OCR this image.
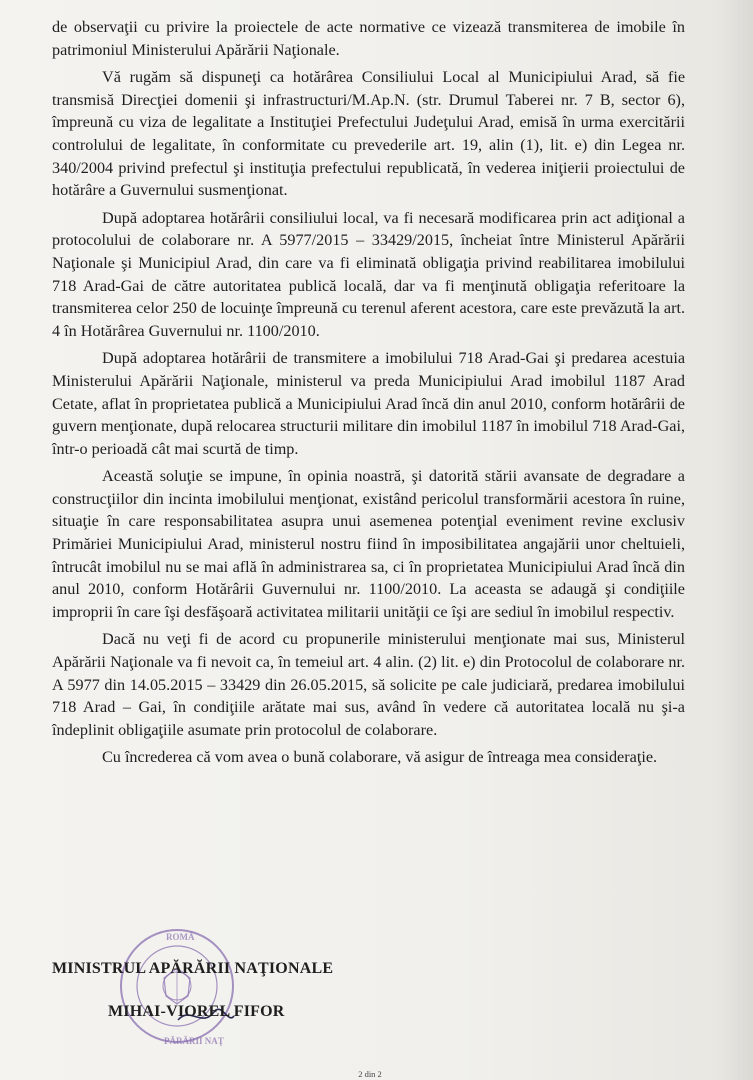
de observaţii cu privire la proiectele de acte normative ce vizează transmiterea de imobile în patrimoniul Ministerului Apărării Naţionale.

Vă rugăm să dispuneţi ca hotărârea Consiliului Local al Municipiului Arad, să fie transmisă Direcţiei domenii şi infrastructuri/M.Ap.N. (str. Drumul Taberei nr. 7 B, sector 6), împreună cu viza de legalitate a Instituţiei Prefectului Judeţului Arad, emisă în urma exercitării controlului de legalitate, în conformitate cu prevederile art. 19, alin (1), lit. e) din Legea nr. 340/2004 privind prefectul şi instituţia prefectului republicată, în vederea iniţierii proiectului de hotărâre a Guvernului susmenţionat.

După adoptarea hotărârii consiliului local, va fi necesară modificarea prin act adiţional a protocolului de colaborare nr. A 5977/2015 – 33429/2015, încheiat între Ministerul Apărării Naţionale şi Municipiul Arad, din care va fi eliminată obligaţia privind reabilitarea imobilului 718 Arad-Gai de către autoritatea publică locală, dar va fi menţinută obligaţia referitoare la transmiterea celor 250 de locuinţe împreună cu terenul aferent acestora, care este prevăzută la art. 4 în Hotărârea Guvernului nr. 1100/2010.

După adoptarea hotărârii de transmitere a imobilului 718 Arad-Gai şi predarea acestuia Ministerului Apărării Naţionale, ministerul va preda Municipiului Arad imobilul 1187 Arad Cetate, aflat în proprietatea publică a Municipiului Arad încă din anul 2010, conform hotărârii de guvern menţionate, după relocarea structurii militare din imobilul 1187 în imobilul 718 Arad-Gai, într-o perioadă cât mai scurtă de timp.

Această soluţie se impune, în opinia noastră, şi datorită stării avansate de degradare a construcţiilor din incinta imobilului menţionat, existând pericolul transformării acestora în ruine, situaţie în care responsabilitatea asupra unui asemenea potenţial eveniment revine exclusiv Primăriei Municipiului Arad, ministerul nostru fiind în imposibilitatea angajării unor cheltuieli, întrucât imobilul nu se mai află în administrarea sa, ci în proprietatea Municipiului Arad încă din anul 2010, conform Hotărârii Guvernului nr. 1100/2010. La aceasta se adaugă şi condiţiile improprii în care îşi desfăşoară activitatea militarii unităţii ce îşi are sediul în imobilul respectiv.

Dacă nu veţi fi de acord cu propunerile ministerului menţionate mai sus, Ministerul Apărării Naţionale va fi nevoit ca, în temeiul art. 4 alin. (2) lit. e) din Protocolul de colaborare nr. A 5977 din 14.05.2015 – 33429 din 26.05.2015, să solicite pe cale judiciară, predarea imobilului 718 Arad – Gai, în condiţiile arătate mai sus, având în vedere că autoritatea locală nu şi-a îndeplinit obligaţiile asumate prin protocolul de colaborare.

Cu încrederea că vom avea o bună colaborare, vă asigur de întreaga mea consideraţie.

ROMÂ
PĂRĂRII NAŢ
MINISTRUL APĂRĂRII NAŢIONALE
MIHAI-VIOREL FIFOR
2 din 2
